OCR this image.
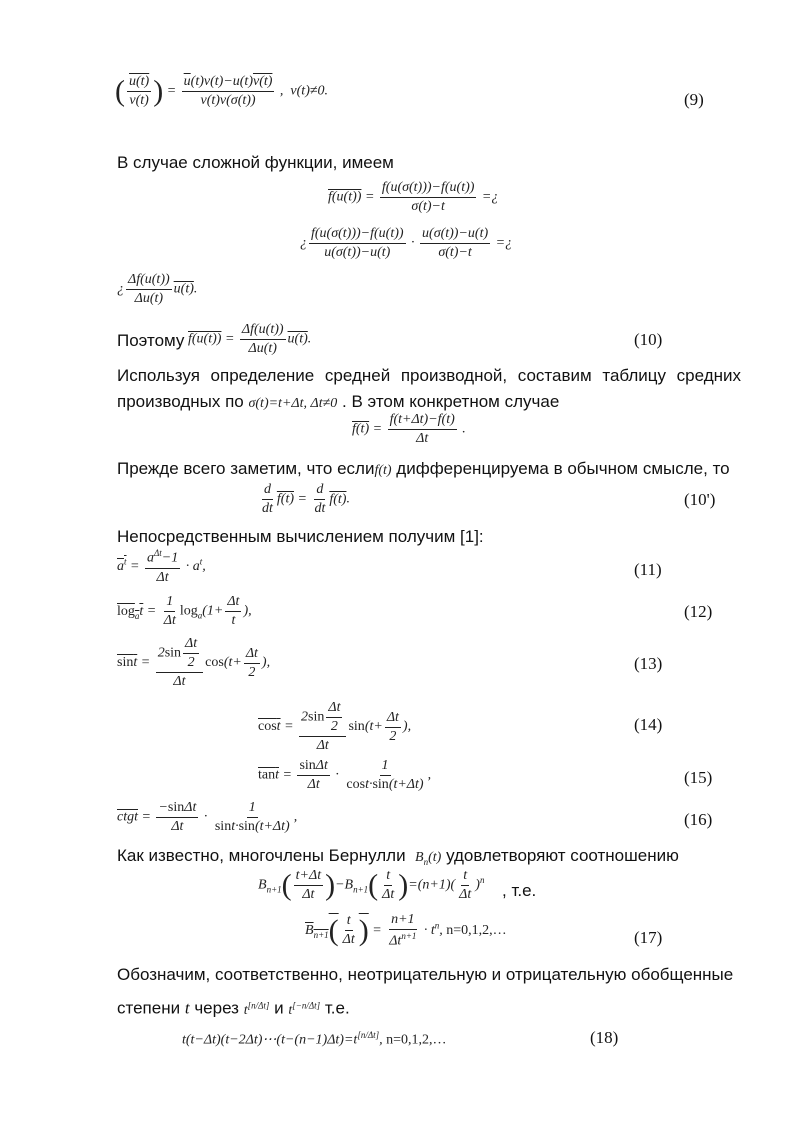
( $\frac{u(t)}{v(t)}$ ) = $\frac{\overline{u}(t)v(t)-u(t)v(t)}{v(t)v(\sigma(t))}$ ,  v(t)≠0.	(9)
В случае сложной функции, имеем
$f(u(t)) = \frac{f(u(\sigma(t)))-f(u(t))}{\sigma(t)-t}$ =¿
¿ $\frac{f(u(\sigma(t)))-f(u(t))}{u(\sigma(t))-u(t)} \cdot \frac{u(\sigma(t))-u(t)}{\sigma(t)-t}$ =¿
¿ $\frac{\Delta f(u(t))}{\Delta u(t)} u(t)$.
Поэтому $f(u(t)) = \frac{\Delta f(u(t))}{\Delta u(t)} u(t)$.	(10)
Используя определение средней производной, составим таблицу средних производных по σ(t)=t+Δt, Δt≠0 . В этом конкретном случае
$f(t) = \frac{f(t+\Delta t)-f(t)}{\Delta t}$ .
Прежде всего заметим, что еслиf(t) дифференцируема в обычном смысле, то
$\frac{d}{dt} f(t) = \frac{d}{dt} f(t)$.	(10')
Непосредственным вычислением получим [1]:
$a^t = \frac{a^{\Delta t}-1}{\Delta t} \cdot a^t$,	(11)
$\log_at = \frac{1}{\Delta t} \log_a(1+ \frac{\Delta t}{t}$ ),	(12)
$\sin t = \frac{2\sin \frac{\Delta t}{2}}{\Delta t} \cos(t+ \frac{\Delta t}{2}$ ),	(13)
$\cos t = \frac{2\sin \frac{\Delta t}{2}}{\Delta t} \sin(t+ \frac{\Delta t}{2}$ ),	(14)
$\tan t = \frac{\sin\Delta t}{\Delta t} \cdot \frac{1}{\cos t\cdot\sin(t+\Delta t)}$ ,	(15)
ctgt = $\frac{-\sin\Delta t}{\Delta t} \cdot \frac{1}{\sin t\cdot\sin(t+\Delta t)}$ ,	(16)
Как известно, многочлены Бернулли $B_n(t)$ удовлетворяют соотношению
$B_{n+1}( \frac{t+\Delta t}{\Delta t} )-B_{n+1}( \frac{t}{\Delta t} )=(n+1)( \frac{t}{\Delta t} )^n$
, т.е.
$B_{n+1}( \frac{t}{\Delta t}$ ) = $\frac{n+1}{\Delta t^{n+1}} \cdot t^n$, n=0,1,2,…	(17)
Обозначим, соответственно, неотрицательную и отрицательную обобщенные
степени t через t[n/Δt] и t[−n/Δt] т.е.
t(t−Δt)(t−2Δt)⋯(t−(n−1)Δt)=t[n/Δt], n=0,1,2,…	(18)
